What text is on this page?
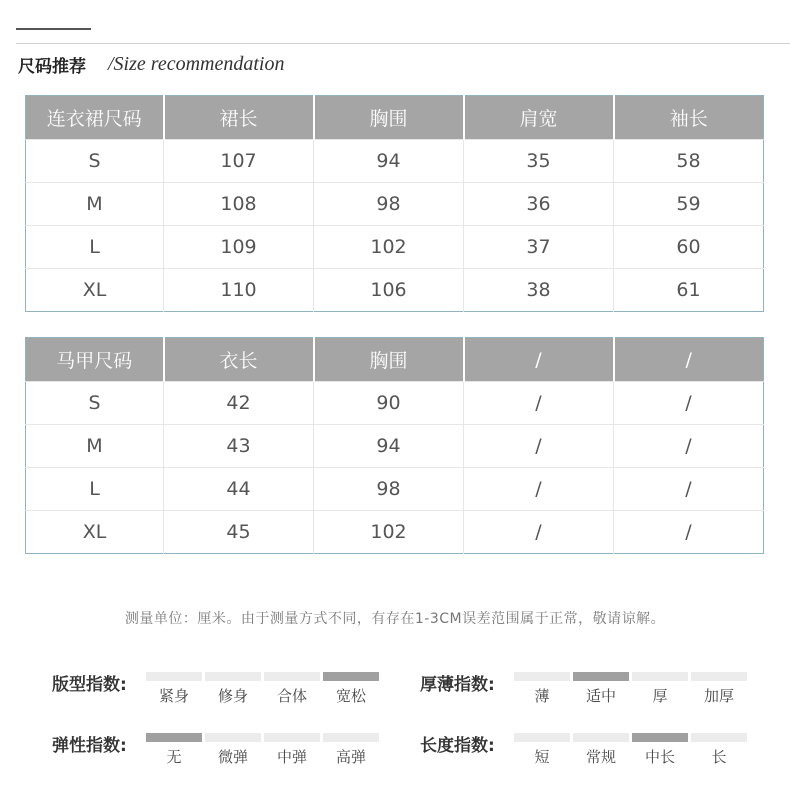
尺码推荐 /Size recommendation
连衣裙尺码	裙长	胸围	肩宽	袖长
S	107	94	35	58
M	108	98	36	59
L	109	102	37	60
XL	110	106	38	61
马甲尺码	衣长	胸围	/	/
S	42	90	/	/
M	43	94	/	/
L	44	98	/	/
XL	45	102	/	/
测量单位：厘米。由于测量方式不同，有存在1-3CM误差范围属于正常，敬请谅解。
版型指数:
紧身	修身	合体	宽松
厚薄指数:
薄	适中	厚	加厚
弹性指数:
无	微弹	中弹	高弹
长度指数:
短	常规	中长	长
